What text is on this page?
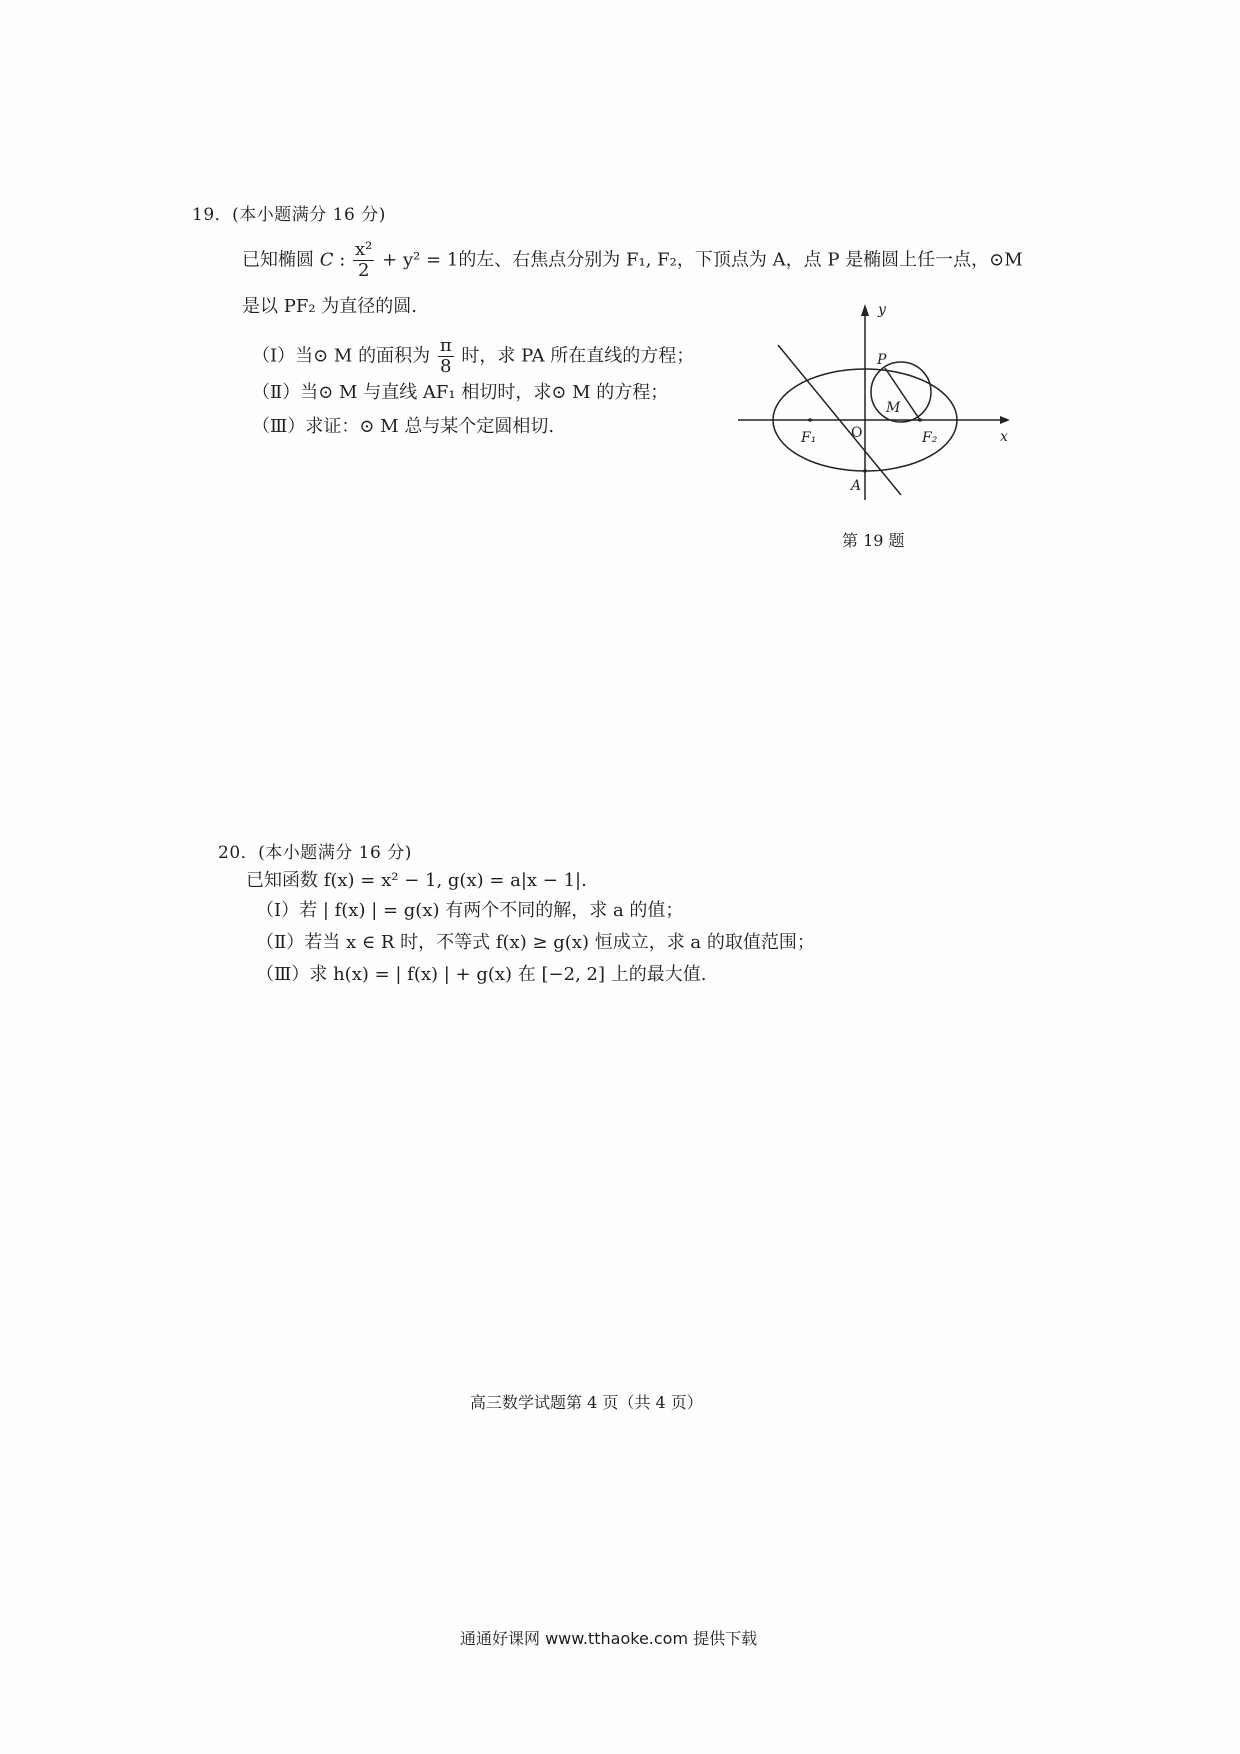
19．(本小题满分 16 分)
已知椭圆 C : $\frac{\text{x²}}{2} + y^2 = 1$的左、右焦点分别为 F₁, F₂，下顶点为 A，点 P 是椭圆上任一点，⊙M
是以 PF₂ 为直径的圆.
（Ⅰ）当⊙ M 的面积为 $\frac{\pi}{8}$ 时，求 PA 所在直线的方程；
（Ⅱ）当⊙ M 与直线 AF₁ 相切时，求⊙ M 的方程；
（Ⅲ）求证：⊙ M 总与某个定圆相切.
y
x
P
M
O
F₁	F₂
A
第 19 题
20．(本小题满分 16 分)
已知函数 f(x) = x² − 1, g(x) = a|x − 1|.
（Ⅰ）若 | f(x) | = g(x) 有两个不同的解，求 a 的值；
（Ⅱ）若当 x ∈ R 时，不等式 f(x) ≥ g(x) 恒成立，求 a 的取值范围；
（Ⅲ）求 h(x) = | f(x) | + g(x) 在 [−2, 2] 上的最大值.
高三数学试题第 4 页（共 4 页）
通通好课网 www.tthaoke.com 提供下载
